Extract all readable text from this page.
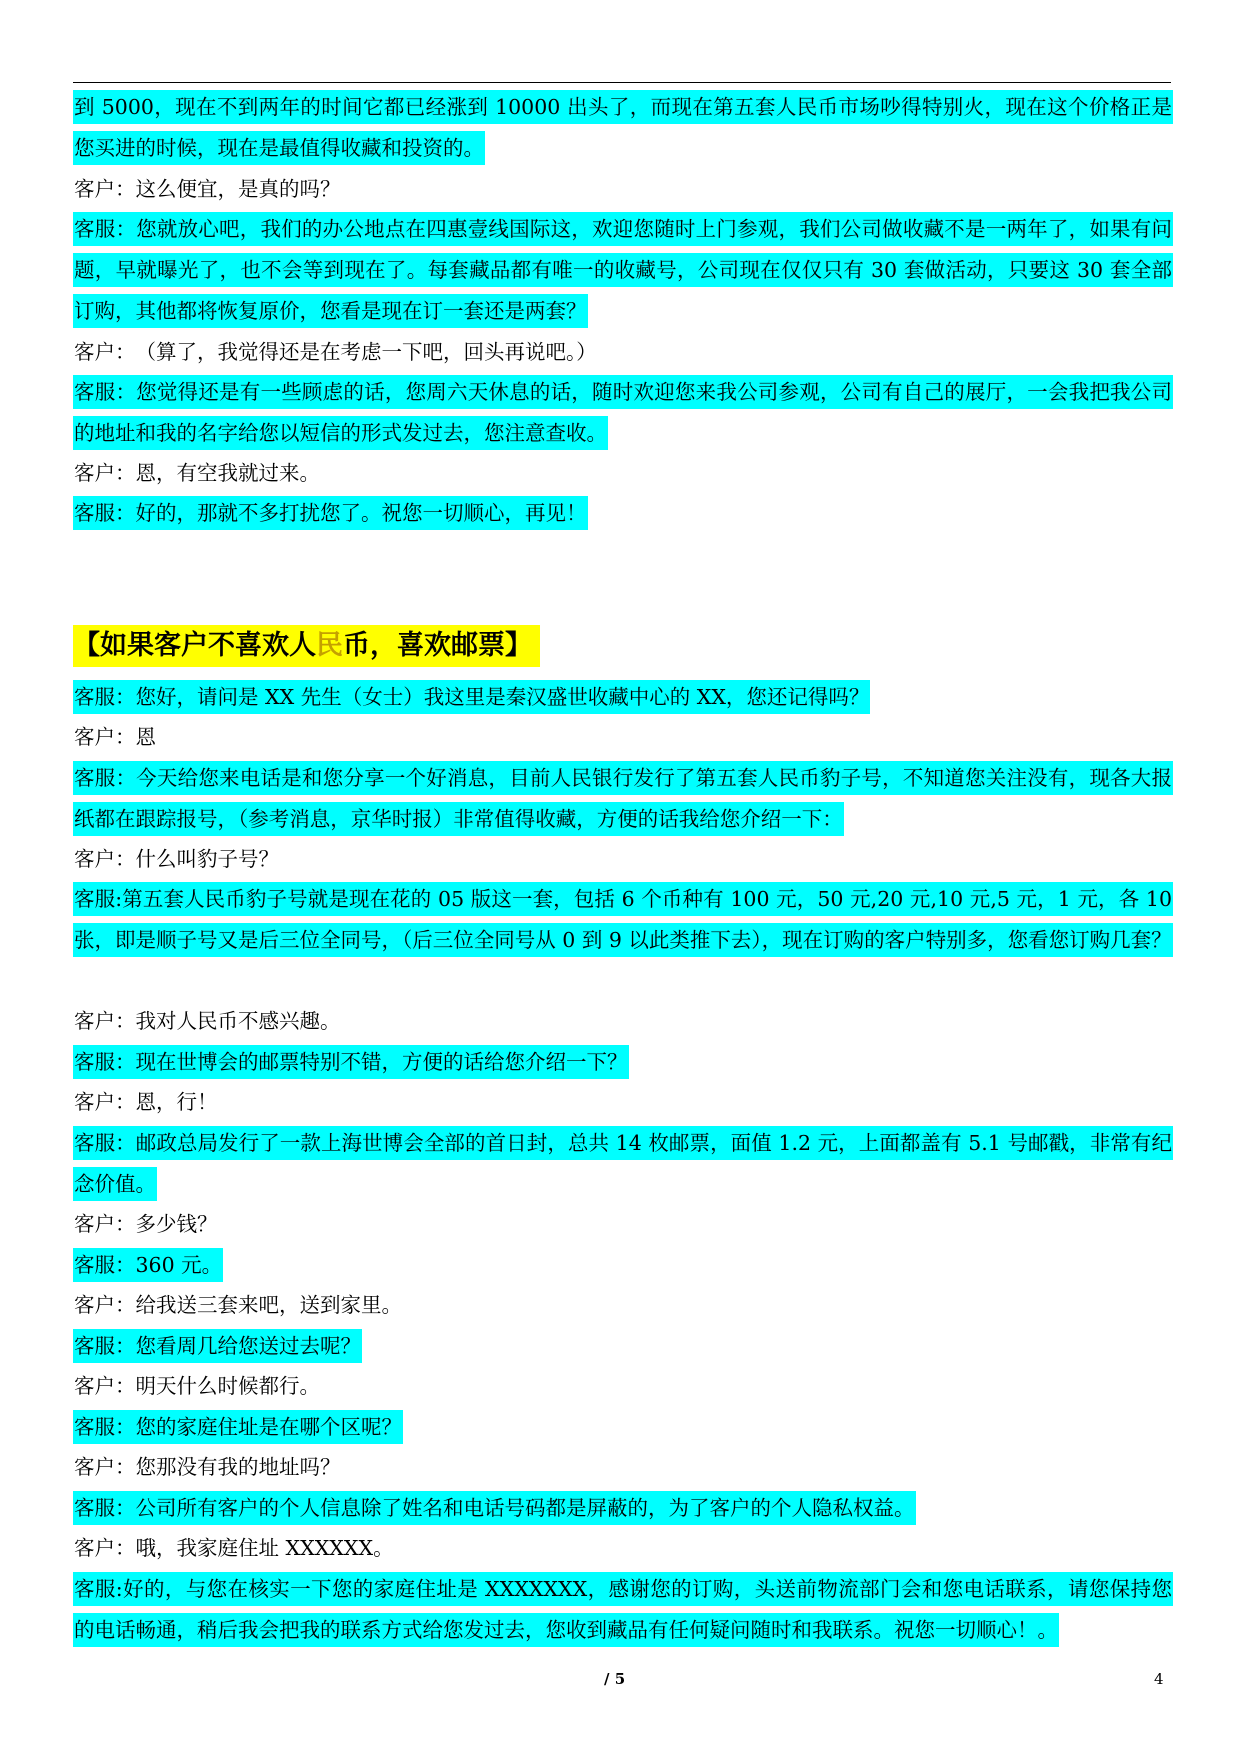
到 5000，现在不到两年的时间它都已经涨到 10000 出头了，而现在第五套人民币市场吵得特别火，现在这个价格正是您买进的时候，现在是最值得收藏和投资的。
客户：这么便宜，是真的吗？
客服：您就放心吧，我们的办公地点在四惠壹线国际这，欢迎您随时上门参观，我们公司做收藏不是一两年了，如果有问题，早就曝光了，也不会等到现在了。每套藏品都有唯一的收藏号，公司现在仅仅只有 30 套做活动，只要这 30 套全部订购，其他都将恢复原价，您看是现在订一套还是两套？
客户：　（算了，我觉得还是在考虑一下吧，回头再说吧。）
客服：您觉得还是有一些顾虑的话，您周六天休息的话，随时欢迎您来我公司参观，公司有自己的展厅，一会我把我公司的地址和我的名字给您以短信的形式发过去，您注意查收。
客户：恩，有空我就过来。
客服：好的，那就不多打扰您了。祝您一切顺心，再见！
【如果客户不喜欢人民币，喜欢邮票】
客服：您好，请问是 XX 先生（女士）我这里是秦汉盛世收藏中心的 XX，您还记得吗？
客户：恩
客服：今天给您来电话是和您分享一个好消息，目前人民银行发行了第五套人民币豹子号，不知道您关注没有，现各大报纸都在跟踪报号，（参考消息，京华时报）非常值得收藏，方便的话我给您介绍一下：
客户：什么叫豹子号？
客服:第五套人民币豹子号就是现在花的 05 版这一套，包括 6 个币种有 100 元，50 元,20 元,10 元,5 元，1 元，各 10 张，即是顺子号又是后三位全同号，（后三位全同号从 0 到 9 以此类推下去），现在订购的客户特别多，您看您订购几套？
客户：我对人民币不感兴趣。
客服：现在世博会的邮票特别不错，方便的话给您介绍一下？
客户：恩，行！
客服：邮政总局发行了一款上海世博会全部的首日封，总共 14 枚邮票，面值 1.2 元，上面都盖有 5.1 号邮戳，非常有纪念价值。
客户：多少钱？
客服：360 元。
客户：给我送三套来吧，送到家里。
客服：您看周几给您送过去呢？
客户：明天什么时候都行。
客服：您的家庭住址是在哪个区呢？
客户：您那没有我的地址吗？
客服：公司所有客户的个人信息除了姓名和电话号码都是屏蔽的，为了客户的个人隐私权益。
客户：哦，我家庭住址 XXXXXX。
客服:好的，与您在核实一下您的家庭住址是 XXXXXXX，感谢您的订购，头送前物流部门会和您电话联系，请您保持您的电话畅通，稍后我会把我的联系方式给您发过去，您收到藏品有任何疑问随时和我联系。祝您一切顺心！。
/ 5	4
